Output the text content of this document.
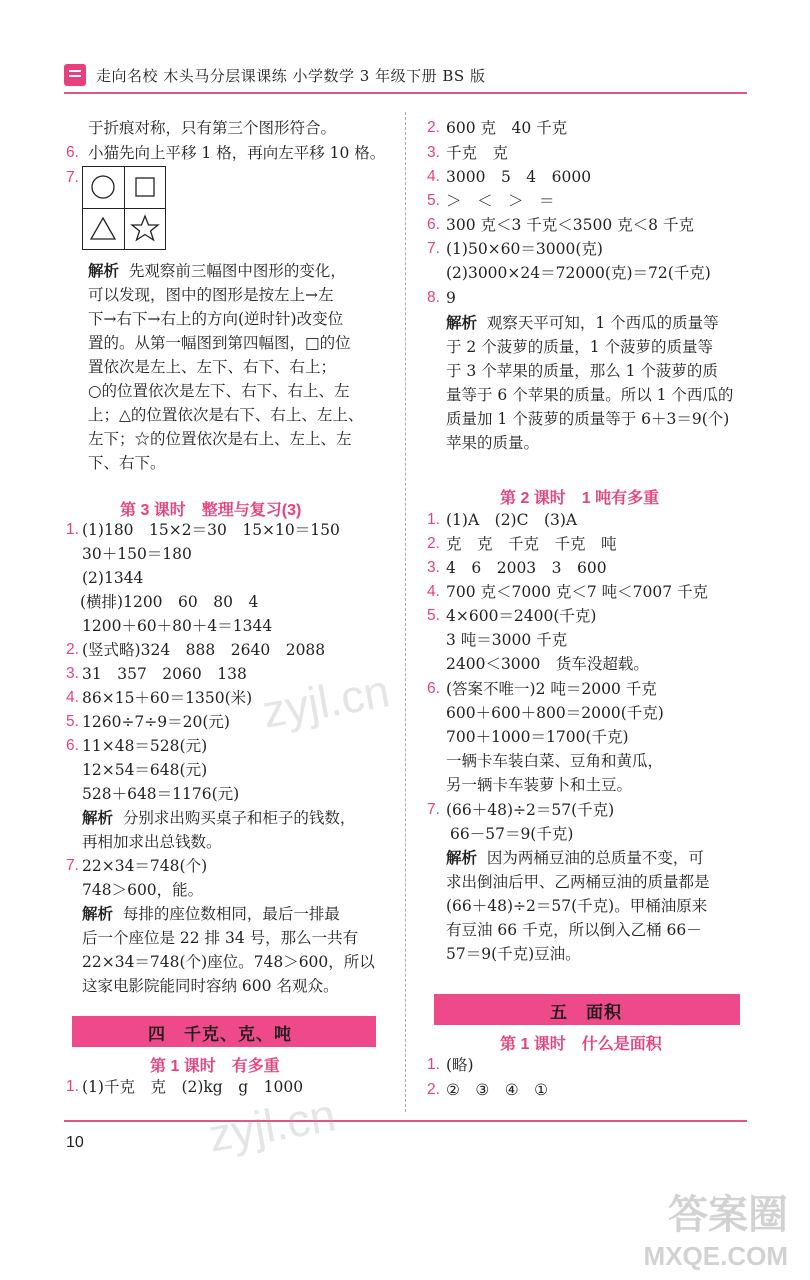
走向名校 木头马分层课课练 小学数学 3 年级下册 BS 版
于折痕对称，只有第三个图形符合。
6. 小猫先向上平移 1 格，再向左平移 10 格。
7.
解析 先观察前三幅图中图形的变化，
可以发现，图中的图形是按左上→左
下→右下→右上的方向(逆时针)改变位
置的。从第一幅图到第四幅图，□的位
置依次是左上、左下、右下、右上；
○的位置依次是左下、右下、右上、左
上；△的位置依次是右下、右上、左上、
左下；☆的位置依次是右上、左上、左
下、右下。
第 3 课时　整理与复习(3)
1. (1)180　15×2＝30　15×10＝150
30＋150＝180
(2)1344
(横排)1200　60　80　4
1200＋60＋80＋4＝1344
2. (竖式略)324　888　2640　2088
3. 31　357　2060　138
4. 86×15＋60＝1350(米)
5. 1260÷7÷9＝20(元)
6. 11×48＝528(元)
12×54＝648(元)
528＋648＝1176(元)
解析 分别求出购买桌子和柜子的钱数，
再相加求出总钱数。
7. 22×34＝748(个)
748＞600，能。
解析 每排的座位数相同，最后一排最
后一个座位是 22 排 34 号，那么一共有
22×34＝748(个)座位。748＞600，所以
这家电影院能同时容纳 600 名观众。
四　千克、克、吨
第 1 课时　有多重
1. (1)千克　克　(2)kg　g　1000
2. 600 克　40 千克
3. 千克　克
4. 3000　5　4　6000
5. ＞　＜　＞　＝
6. 300 克＜3 千克＜3500 克＜8 千克
7. (1)50×60＝3000(克)
(2)3000×24＝72000(克)＝72(千克)
8. 9
解析 观察天平可知，1 个西瓜的质量等
于 2 个菠萝的质量，1 个菠萝的质量等
于 3 个苹果的质量，那么 1 个菠萝的质
量等于 6 个苹果的质量。所以 1 个西瓜的
质量加 1 个菠萝的质量等于 6＋3＝9(个)
苹果的质量。
第 2 课时　1 吨有多重
1. (1)A　(2)C　(3)A
2. 克　克　千克　千克　吨
3. 4　6　2003　3　600
4. 700 克＜7000 克＜7 吨＜7007 千克
5. 4×600＝2400(千克)
3 吨＝3000 千克
2400＜3000　货车没超载。
6. (答案不唯一)2 吨＝2000 千克
600＋600＋800＝2000(千克)
700＋1000＝1700(千克)
一辆卡车装白菜、豆角和黄瓜，
另一辆卡车装萝卜和土豆。
7. (66＋48)÷2＝57(千克)
66－57＝9(千克)
解析 因为两桶豆油的总质量不变，可
求出倒油后甲、乙两桶豆油的质量都是
(66＋48)÷2＝57(千克)。甲桶油原来
有豆油 66 千克，所以倒入乙桶 66－
57＝9(千克)豆油。
五　面积
第 1 课时　什么是面积
1. (略)
2. ②　③　④　①
10
zyjl.cn
zyjl.cn
答案圈
MXQE.COM
